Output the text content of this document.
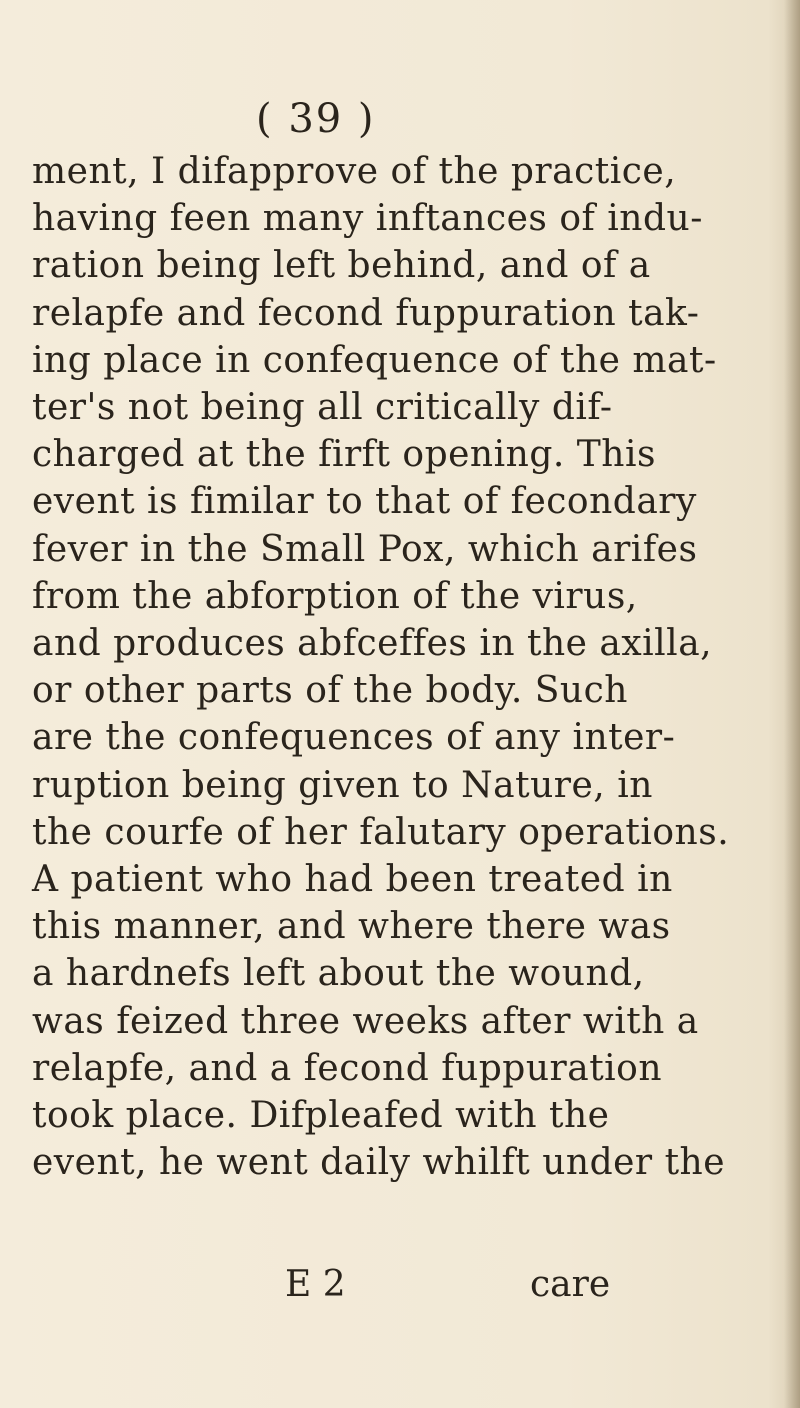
( 39 )
ment, I difapprove of the practice,
having feen many inftances of indu-
ration being left behind, and of a
relapfe and fecond fuppuration tak-
ing place in confequence of the mat-
ter's not being all critically dif-
charged at the firft opening. This
event is fimilar to that of fecondary
fever in the Small Pox, which arifes
from the abforption of the virus,
and produces abfceffes in the axilla,
or other parts of the body. Such
are the confequences of any inter-
ruption being given to Nature, in
the courfe of her falutary operations.
A patient who had been treated in
this manner, and where there was
a hardnefs left about the wound,
was feized three weeks after with a
relapfe, and a fecond fuppuration
took place. Difpleafed with the
event, he went daily whilft under the
E 2	care
